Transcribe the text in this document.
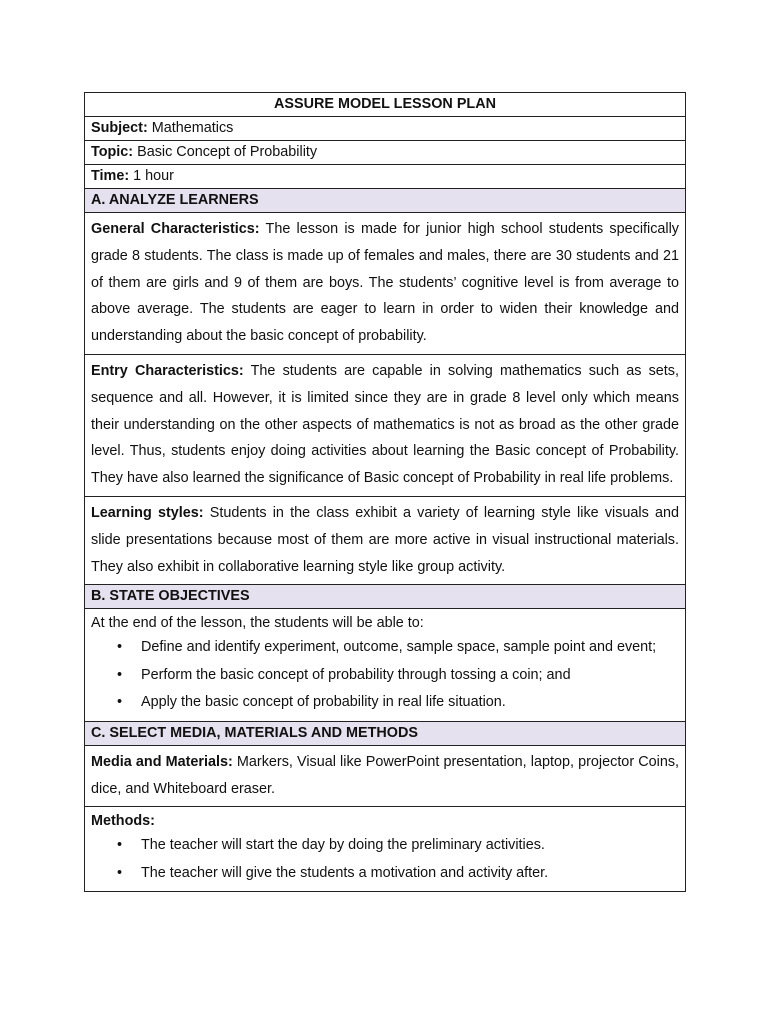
ASSURE MODEL LESSON PLAN
Subject: Mathematics
Topic: Basic Concept of Probability
Time: 1 hour
A. ANALYZE LEARNERS
General Characteristics: The lesson is made for junior high school students specifically grade 8 students. The class is made up of females and males, there are 30 students and 21 of them are girls and 9 of them are boys. The students’ cognitive level is from average to above average. The students are eager to learn in order to widen their knowledge and understanding about the basic concept of probability.
Entry Characteristics: The students are capable in solving mathematics such as sets, sequence and all. However, it is limited since they are in grade 8 level only which means their understanding on the other aspects of mathematics is not as broad as the other grade level. Thus, students enjoy doing activities about learning the Basic concept of Probability. They have also learned the significance of Basic concept of Probability in real life problems.
Learning styles: Students in the class exhibit a variety of learning style like visuals and slide presentations because most of them are more active in visual instructional materials. They also exhibit in collaborative learning style like group activity.
B. STATE OBJECTIVES

At the end of the lesson, the students will be able to:
• Define and identify experiment, outcome, sample space, sample point and event;
• Perform the basic concept of probability through tossing a coin; and
• Apply the basic concept of probability in real life situation.

C. SELECT MEDIA, MATERIALS AND METHODS
Media and Materials: Markers, Visual like PowerPoint presentation, laptop, projector Coins, dice, and Whiteboard eraser.

Methods:
• The teacher will start the day by doing the preliminary activities.
• The teacher will give the students a motivation and activity after.
